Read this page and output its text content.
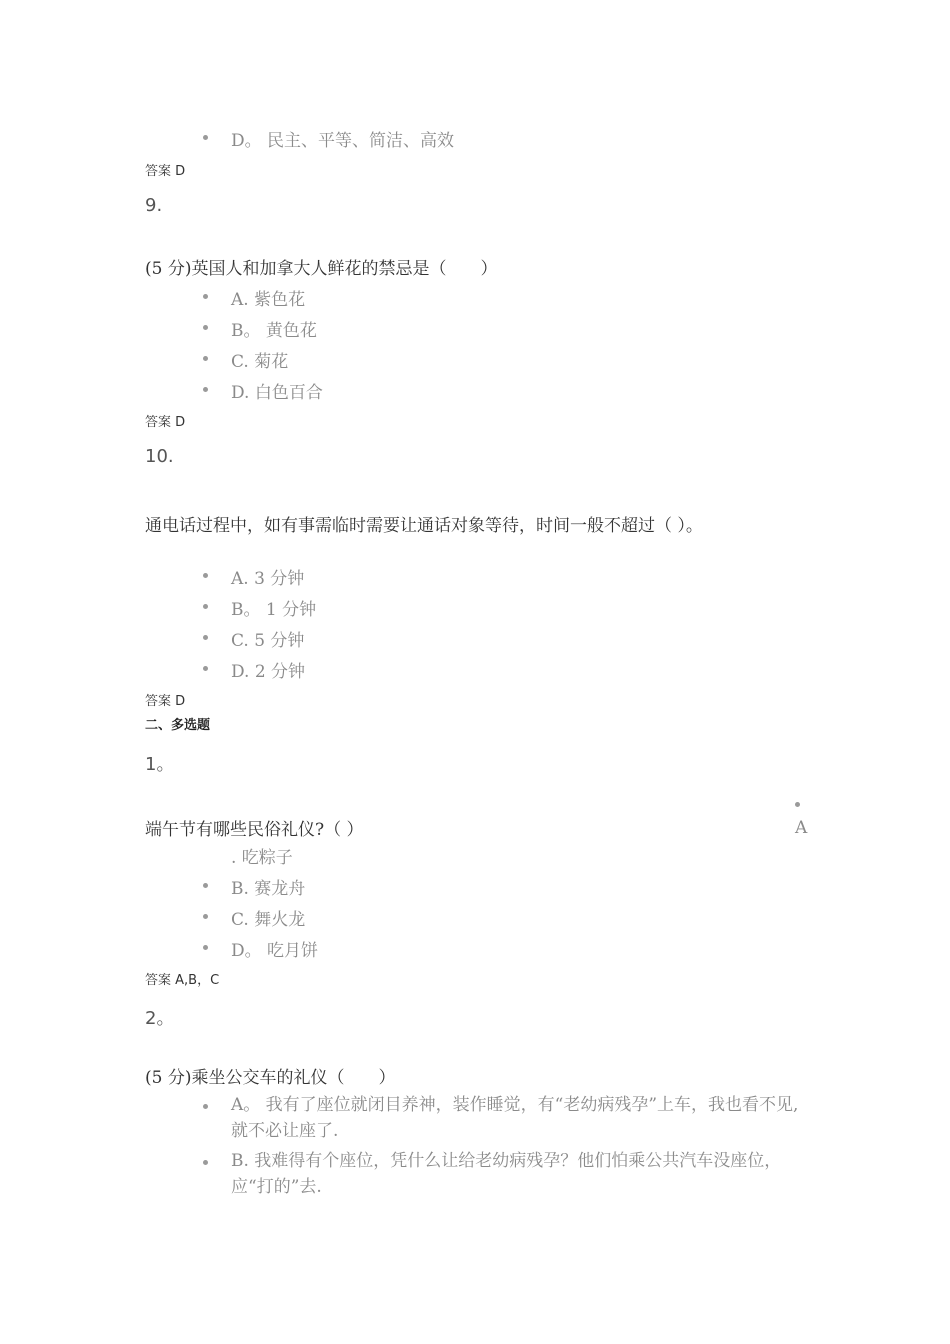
D。 民主、平等、简洁、高效
答案 D
9.
(5 分)英国人和加拿大人鲜花的禁忌是（　　）
A. 紫色花
B。 黄色花
C. 菊花
D. 白色百合
答案 D
10.
通电话过程中，如有事需临时需要让通话对象等待，时间一般不超过（ ）。
A. 3 分钟
B。 1 分钟
C. 5 分钟
D. 2 分钟
答案 D
二、多选题
1。
A
端午节有哪些民俗礼仪?（ ）
. 吃粽子
B. 赛龙舟
C. 舞火龙
D。 吃月饼
答案 A,B，C
2。
(5 分)乘坐公交车的礼仪（　　）
A。 我有了座位就闭目养神，装作睡觉，有“老幼病残孕”上车，我也看不见,就不必让座了.
B. 我难得有个座位，凭什么让给老幼病残孕？他们怕乘公共汽车没座位，应“打的”去.
